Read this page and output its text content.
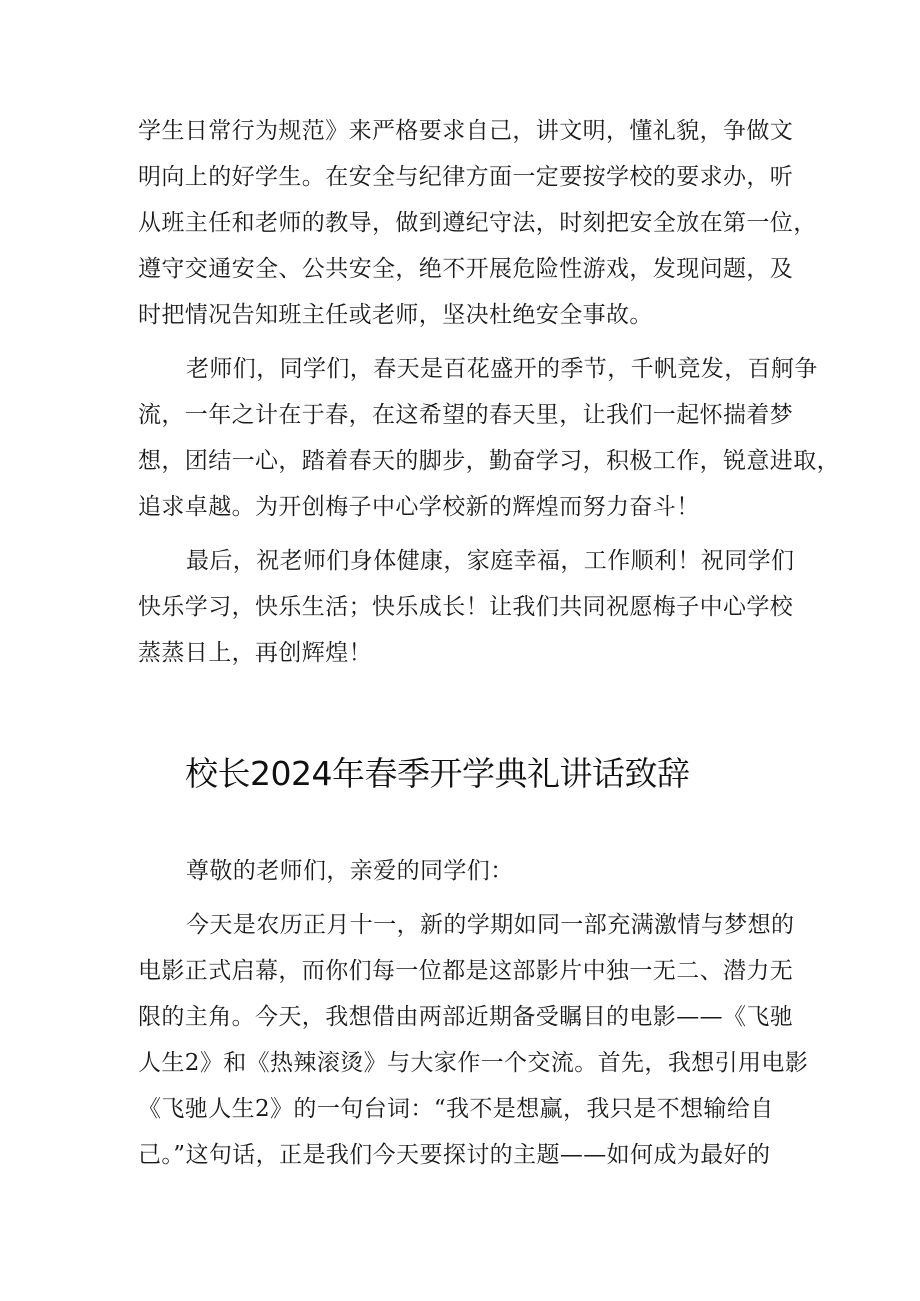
学生日常行为规范》来严格要求自己，讲文明，懂礼貌，争做文
明向上的好学生。在安全与纪律方面一定要按学校的要求办，听
从班主任和老师的教导，做到遵纪守法，时刻把安全放在第一位，
遵守交通安全、公共安全，绝不开展危险性游戏，发现问题，及
时把情况告知班主任或老师，坚决杜绝安全事故。
老师们，同学们，春天是百花盛开的季节，千帆竞发，百舸争
流，一年之计在于春，在这希望的春天里，让我们一起怀揣着梦
想，团结一心，踏着春天的脚步，勤奋学习，积极工作，锐意进取，
追求卓越。为开创梅子中心学校新的辉煌而努力奋斗！
最后，祝老师们身体健康，家庭幸福，工作顺利！祝同学们
快乐学习，快乐生活；快乐成长！让我们共同祝愿梅子中心学校
蒸蒸日上，再创辉煌！
校长2024年春季开学典礼讲话致辞
尊敬的老师们，亲爱的同学们：
今天是农历正月十一，新的学期如同一部充满激情与梦想的
电影正式启幕，而你们每一位都是这部影片中独一无二、潜力无
限的主角。今天，我想借由两部近期备受瞩目的电影——《飞驰
人生2》和《热辣滚烫》与大家作一个交流。首先，我想引用电影
《飞驰人生2》的一句台词：“我不是想赢，我只是不想输给自
己。”这句话，正是我们今天要探讨的主题——如何成为最好的
